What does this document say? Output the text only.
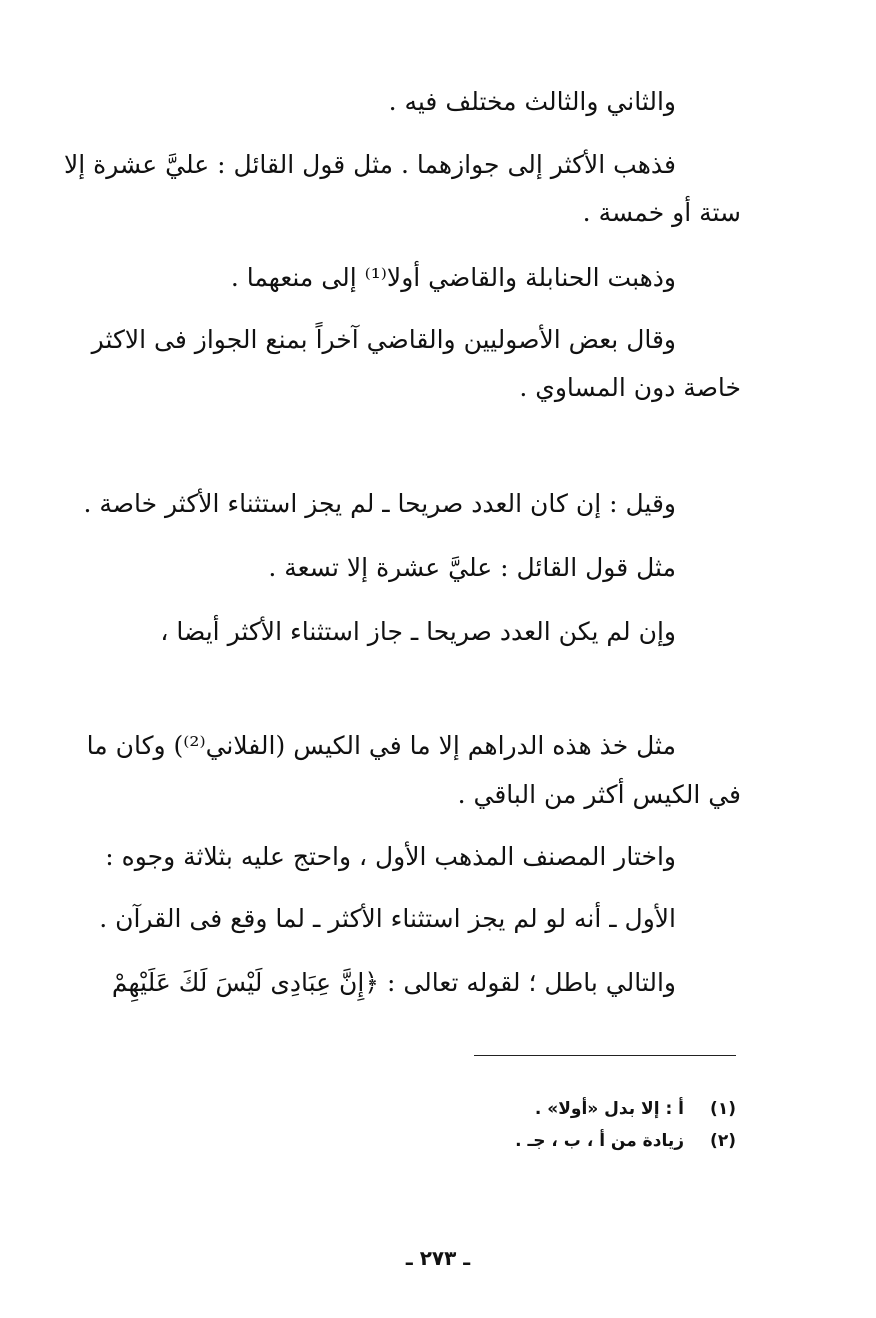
والثاني والثالث مختلف فيه .
فذهب الأكثر إلى جوازهما . مثل قول القائل : عليَّ عشرة إلا
ستة أو خمسة .
وذهبت الحنابلة والقاضي أولا⁽¹⁾ إلى منعهما .
وقال بعض الأصوليين والقاضي آخراً بمنع الجواز فى الاكثر
خاصة دون المساوي .
وقيل : إن كان العدد صريحا ـ لم يجز استثناء الأكثر خاصة .
مثل قول القائل : عليَّ عشرة إلا تسعة .
وإن لم يكن العدد صريحا ـ جاز استثناء الأكثر أيضا ،
مثل خذ هذه الدراهم إلا ما في الكيس (الفلاني⁽²⁾) وكان ما
في الكيس أكثر من الباقي .
واختار المصنف المذهب الأول ، واحتج عليه بثلاثة وجوه :
الأول ـ أنه لو لم يجز استثناء الأكثر ـ لما وقع فى القرآن .
والتالي باطل ؛ لقوله تعالى : ﴿إِنَّ عِبَادِى لَيْسَ لَكَ عَلَيْهِمْ
(١)أ : إلا بدل «أولا» .
(٢)زيادة من أ ، ب ، جـ .
ـ ٢٧٣ ـ
